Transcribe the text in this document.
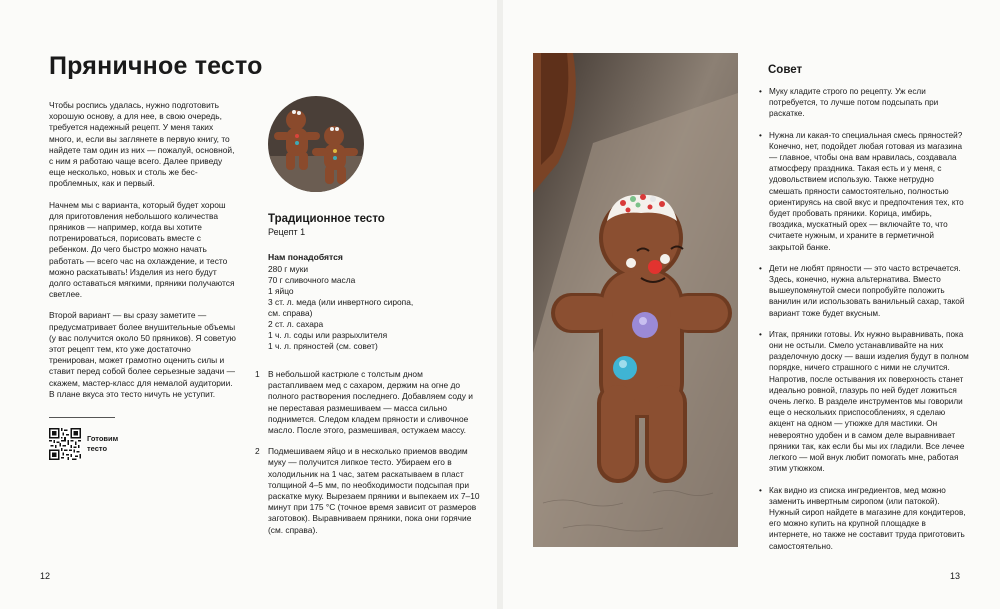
Пряничное тесто

Чтобы роспись удалась, нужно подготовить хорошую основу, а для нее, в свою очередь, требуется надежный рецепт. У меня таких много, и, если вы заглянете в первую книгу, то найдете там один из них — пожалуй, основной, с ним я работаю чаще всего. Далее приведу еще несколько, новых и столь же беспроблемных, как и первый.

Начнем мы с варианта, который будет хорош для приготовления небольшого количества пряников — например, когда вы хотите потренироваться, порисовать вместе с ребенком. До чего быстро можно начать работать — всего час на охлаждение, и тесто можно раскатывать! Изделия из него будут долго оставаться мягкими, пряники получаются светлее.

Второй вариант — вы сразу заметите — предусматривает более внушительные объемы (у вас получится около 50 пряников). Я советую этот рецепт тем, кто уже достаточно тренирован, может грамотно оценить силы и ставит перед собой более серьезные задачи — скажем, мастер-класс для немалой аудитории. В плане вкуса это тесто ничуть не уступит.

Готовим тесто
Традиционное тесто
Рецепт 1
Нам понадобятся
280 г муки
70 г сливочного масла
1 яйцо
3 ст. л. меда (или инвертного сиропа,
см. справа)
2 ст. л. сахара
1 ч. л. соды или разрыхлителя
1 ч. л. пряностей (см. совет)
1 В небольшой кастрюле с толстым дном растапливаем мед с сахаром, держим на огне до полного растворения последнего. Добавляем соду и не переставая размешиваем — масса сильно поднимется. Следом кладем пряности и сливочное масло. После этого, размешивая, остужаем массу.
2 Подмешиваем яйцо и в несколько приемов вводим муку — получится липкое тесто. Убираем его в холодильник на 1 час, затем раскатываем в пласт толщиной 4–5 мм, по необходимости подсыпая при раскатке муку. Вырезаем пряники и выпекаем их 7–10 минут при 175 °С (точное время зависит от размеров заготовок). Выравниваем пряники, пока они горячие (см. справа).
12
Совет
• Муку кладите строго по рецепту. Уж если потребуется, то лучше потом подсыпать при раскатке.
• Нужна ли какая-то специальная смесь пряностей? Конечно, нет, подойдет любая готовая из магазина — главное, чтобы она вам нравилась, создавала атмосферу праздника. Такая есть и у меня, с удовольствием использую. Также нетрудно смешать пряности самостоятельно, полностью ориентируясь на свой вкус и предпочтения тех, кто будет пробовать пряники. Корица, имбирь, гвоздика, мускатный орех — включайте то, что считаете нужным, и храните в герметичной закрытой банке.
• Дети не любят пряности — это часто встречается. Здесь, конечно, нужна альтернатива. Вместо вышеупомянутой смеси попробуйте положить ванилин или использовать ванильный сахар, такой вариант тоже будет вкусным.
• Итак, пряники готовы. Их нужно выравнивать, пока они не остыли. Смело устанавливайте на них разделочную доску — ваши изделия будут в полном порядке, ничего страшного с ними не случится. Напротив, после остывания их поверхность станет идеально ровной, глазурь по ней будет ложиться очень легко. В разделе инструментов мы говорили еще о нескольких приспособлениях, я сделаю акцент на одном — утюжке для мастики. Он невероятно удобен и в самом деле выравнивает пряники так, как если бы мы их гладили. Все лечее легкого — мой внук любит помогать мне, работая этим утюжком.
• Как видно из списка ингредиентов, мед можно заменить инвертным сиропом (или патокой). Нужный сироп найдете в магазине для кондитеров, его можно купить на крупной площадке в интернете, но также не составит труда приготовить самостоятельно.
13
